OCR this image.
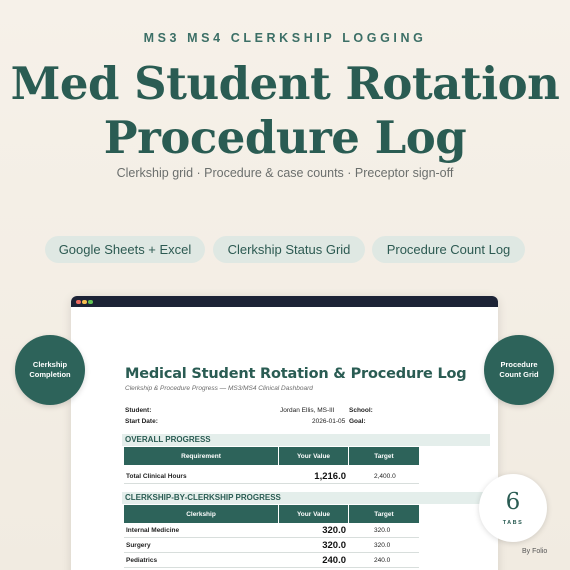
MS3 MS4 CLERKSHIP LOGGING
Med Student Rotation
Procedure Log
Clerkship grid · Procedure & case counts · Preceptor sign-off
Google Sheets + Excel	Clerkship Status Grid	Procedure Count Log
Medical Student Rotation & Procedure Log
Clerkship & Procedure Progress — MS3/MS4 Clinical Dashboard
Student:	Jordan Ellis, MS-III School:
Start Date:	2026-01-05 Goal:
OVERALL PROGRESS
Requirement	Your Value	Target
Total Clinical Hours	1,216.0	2,400.0
CLERKSHIP-BY-CLERKSHIP PROGRESS
Clerkship	Your Value	Target
Internal Medicine	320.0	320.0
Surgery	320.0	320.0
Pediatrics	240.0	240.0
Clerkship Completion
Procedure Count Grid
6
TABS
By Folio
